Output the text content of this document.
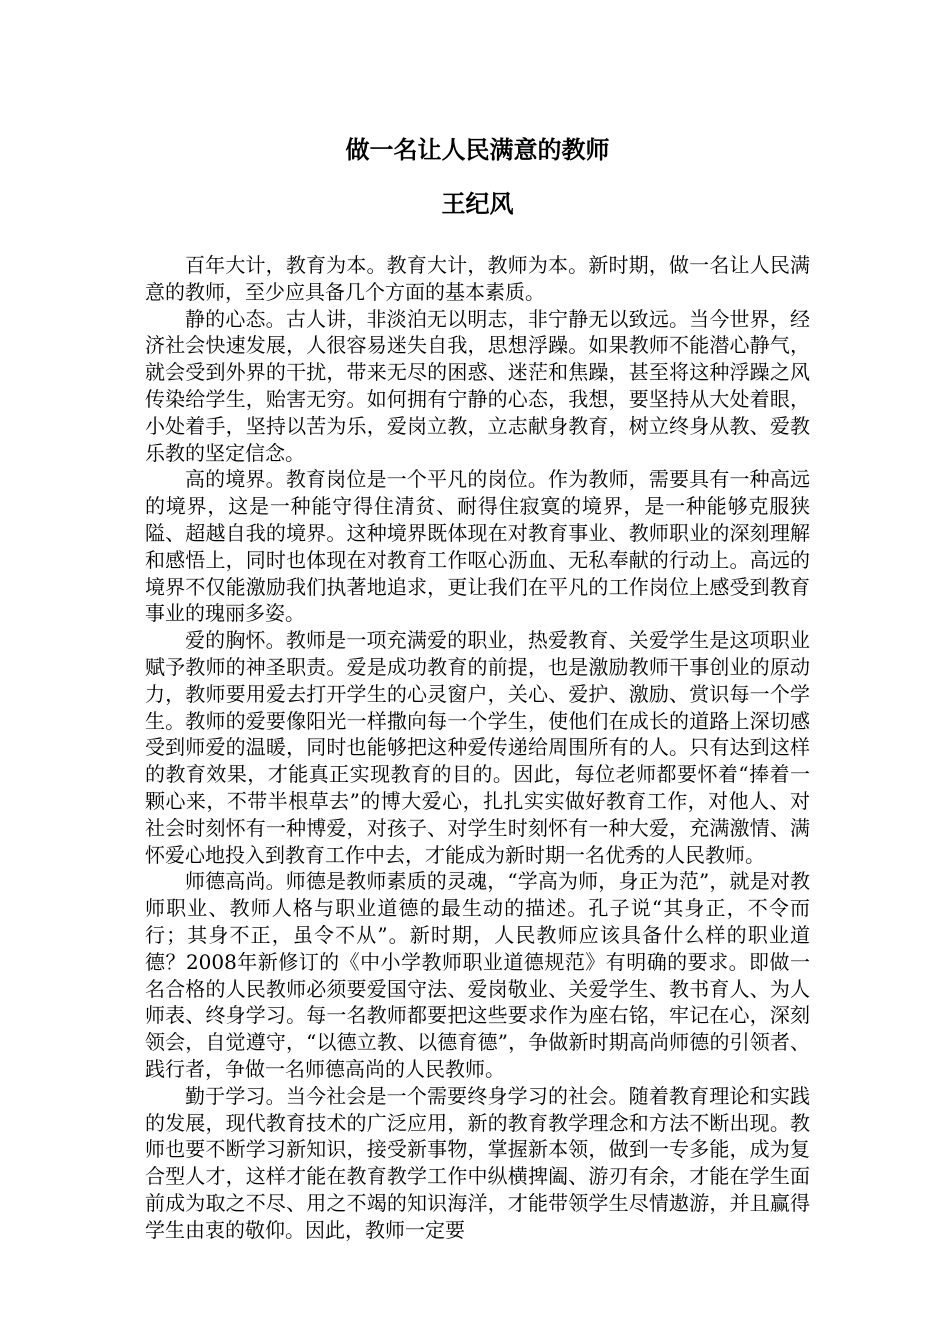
做一名让人民满意的教师
王纪风

百年大计，教育为本。教育大计，教师为本。新时期，做一名让人民满意的教师，至少应具备几个方面的基本素质。

静的心态。古人讲，非淡泊无以明志，非宁静无以致远。当今世界，经济社会快速发展，人很容易迷失自我，思想浮躁。如果教师不能潜心静气，就会受到外界的干扰，带来无尽的困惑、迷茫和焦躁，甚至将这种浮躁之风传染给学生，贻害无穷。如何拥有宁静的心态，我想，要坚持从大处着眼，小处着手，坚持以苦为乐，爱岗立教，立志献身教育，树立终身从教、爱教乐教的坚定信念。

高的境界。教育岗位是一个平凡的岗位。作为教师，需要具有一种高远的境界，这是一种能守得住清贫、耐得住寂寞的境界，是一种能够克服狭隘、超越自我的境界。这种境界既体现在对教育事业、教师职业的深刻理解和感悟上，同时也体现在对教育工作呕心沥血、无私奉献的行动上。高远的境界不仅能激励我们执著地追求，更让我们在平凡的工作岗位上感受到教育事业的瑰丽多姿。

爱的胸怀。教师是一项充满爱的职业，热爱教育、关爱学生是这项职业赋予教师的神圣职责。爱是成功教育的前提，也是激励教师干事创业的原动力，教师要用爱去打开学生的心灵窗户，关心、爱护、激励、赏识每一个学生。教师的爱要像阳光一样撒向每一个学生，使他们在成长的道路上深切感受到师爱的温暖，同时也能够把这种爱传递给周围所有的人。只有达到这样的教育效果，才能真正实现教育的目的。因此，每位老师都要怀着“捧着一颗心来，不带半根草去”的博大爱心，扎扎实实做好教育工作，对他人、对社会时刻怀有一种博爱，对孩子、对学生时刻怀有一种大爱，充满激情、满怀爱心地投入到教育工作中去，才能成为新时期一名优秀的人民教师。

师德高尚。师德是教师素质的灵魂，“学高为师，身正为范”，就是对教师职业、教师人格与职业道德的最生动的描述。孔子说“其身正，不令而行；其身不正，虽令不从”。新时期，人民教师应该具备什么样的职业道德？2008年新修订的《中小学教师职业道德规范》有明确的要求。即做一名合格的人民教师必须要爱国守法、爱岗敬业、关爱学生、教书育人、为人师表、终身学习。每一名教师都要把这些要求作为座右铭，牢记在心，深刻领会，自觉遵守，“以德立教、以德育德”，争做新时期高尚师德的引领者、践行者，争做一名师德高尚的人民教师。

勤于学习。当今社会是一个需要终身学习的社会。随着教育理论和实践的发展，现代教育技术的广泛应用，新的教育教学理念和方法不断出现。教师也要不断学习新知识，接受新事物，掌握新本领，做到一专多能，成为复合型人才，这样才能在教育教学工作中纵横捭阖、游刃有余，才能在学生面前成为取之不尽、用之不竭的知识海洋，才能带领学生尽情遨游，并且赢得学生由衷的敬仰。因此，教师一定要
